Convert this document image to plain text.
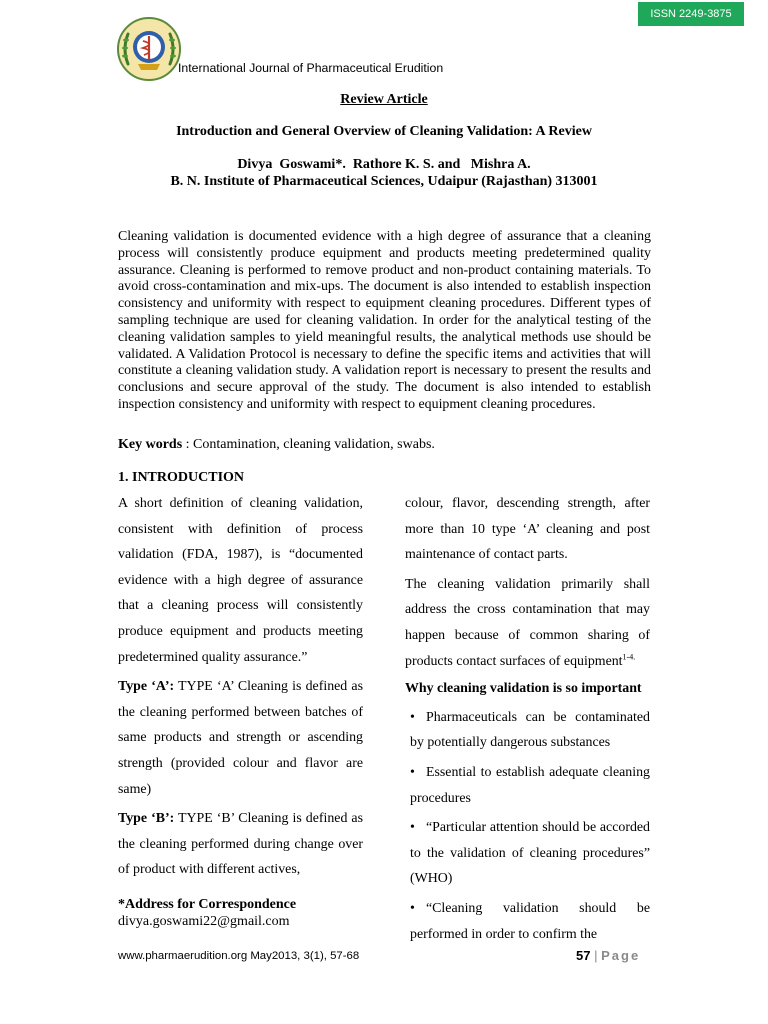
ISSN 2249-3875
International Journal of Pharmaceutical Erudition
Review Article
Introduction and General Overview of Cleaning Validation: A Review
Divya  Goswami*.  Rathore K. S. and   Mishra A.
B. N. Institute of Pharmaceutical Sciences, Udaipur (Rajasthan) 313001

Cleaning validation is documented evidence with a high degree of assurance that a cleaning process will consistently produce equipment and products meeting predetermined quality assurance. Cleaning is performed to remove product and non-product containing materials. To avoid cross-contamination and mix-ups. The document is also intended to establish inspection consistency and uniformity with respect to equipment cleaning procedures. Different types of sampling technique are used for cleaning validation. In order for the analytical testing of the cleaning validation samples to yield meaningful results, the analytical methods use should be validated. A Validation Protocol is necessary to define the specific items and activities that will constitute a cleaning validation study. A validation report is necessary to present the results and conclusions and secure approval of the study. The document is also intended to establish inspection consistency and uniformity with respect to equipment cleaning procedures.

Key words : Contamination, cleaning validation, swabs.
1. INTRODUCTION

A short definition of cleaning validation, consistent with definition of process validation (FDA, 1987), is “documented evidence with a high degree of assurance that a cleaning process will consistently produce equipment and products meeting predetermined quality assurance.”

Type ‘A’: TYPE ‘A’ Cleaning is defined as the cleaning performed between batches of same products and strength or ascending strength (provided colour and flavor are same)

Type ‘B’: TYPE ‘B’ Cleaning is defined as the cleaning performed during change over of product with different actives,

colour, flavor, descending strength, after more than 10 type ‘A’ cleaning and post maintenance of contact parts.

The cleaning validation primarily shall address the cross contamination that may happen because of common sharing of products contact surfaces of equipment$^{1-4.}$

Why cleaning validation is so important

• Pharmaceuticals can be contaminated by potentially dangerous substances

• Essential to establish adequate cleaning procedures

• “Particular attention should be accorded to the validation of cleaning procedures” (WHO)

• “Cleaning validation should be performed in order to confirm the

*Address for Correspondence
divya.goswami22@gmail.com
www.pharmaerudition.org May2013, 3(1), 57-68	57 | Page
